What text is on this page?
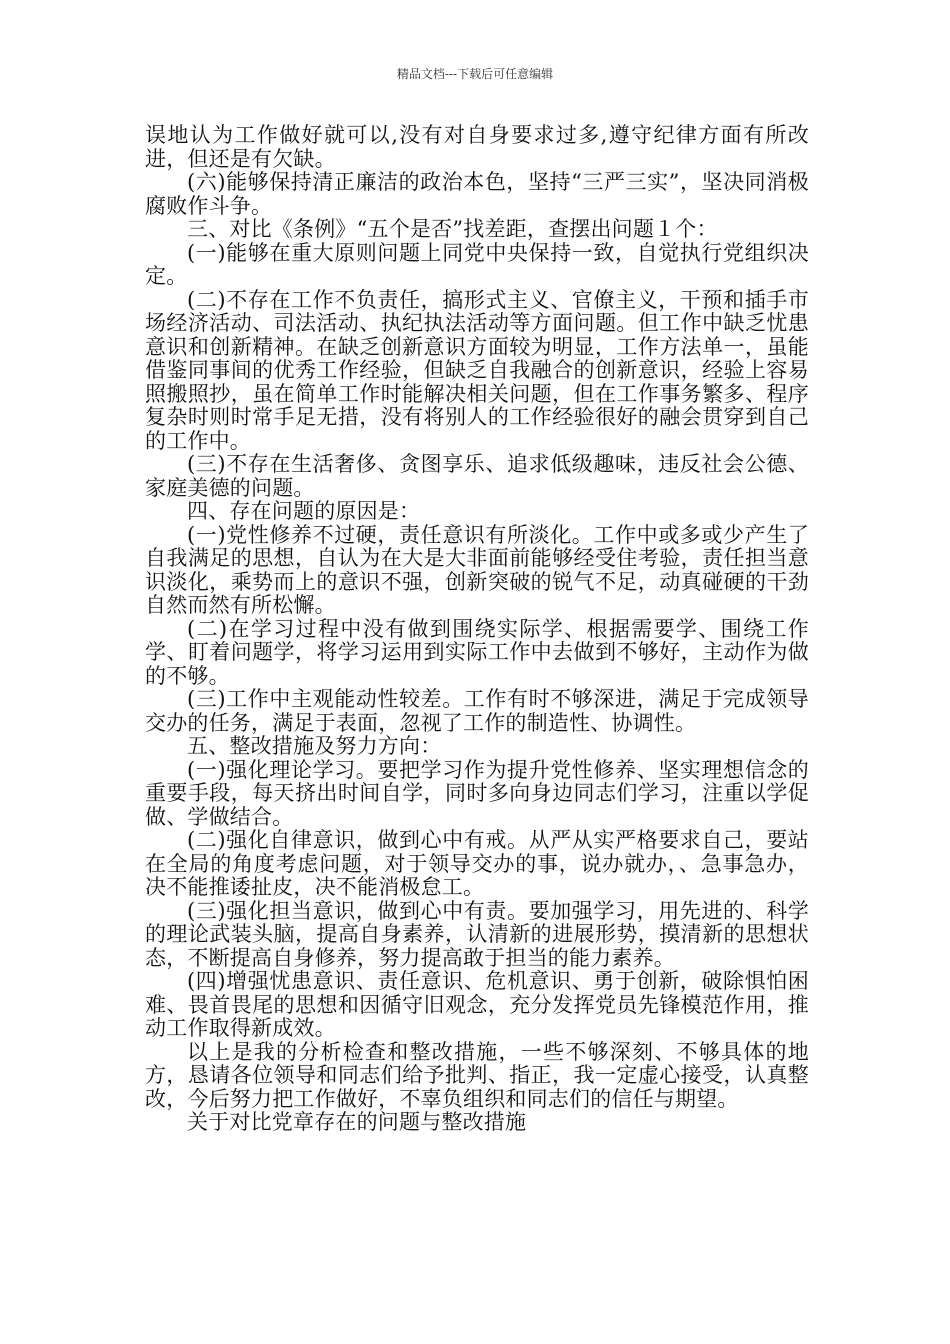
精品文档---下载后可任意编辑

误地认为工作做好就可以,没有对自身要求过多,遵守纪律方面有所改进，但还是有欠缺。

(六)能够保持清正廉洁的政治本色，坚持“三严三实”，坚决同消极腐败作斗争。

三、对比《条例》“五个是否”找差距，查摆出问题１个：

(一)能够在重大原则问题上同党中央保持一致，自觉执行党组织决定。

(二)不存在工作不负责任，搞形式主义、官僚主义，干预和插手市场经济活动、司法活动、执纪执法活动等方面问题。但工作中缺乏忧患意识和创新精神。在缺乏创新意识方面较为明显，工作方法单一，虽能借鉴同事间的优秀工作经验，但缺乏自我融合的创新意识，经验上容易照搬照抄，虽在简单工作时能解决相关问题，但在工作事务繁多、程序复杂时则时常手足无措，没有将别人的工作经验很好的融会贯穿到自己的工作中。

(三)不存在生活奢侈、贪图享乐、追求低级趣味，违反社会公德、家庭美德的问题。

四、存在问题的原因是：

(一)党性修养不过硬，责任意识有所淡化。工作中或多或少产生了自我满足的思想，自认为在大是大非面前能够经受住考验，责任担当意识淡化，乘势而上的意识不强，创新突破的锐气不足，动真碰硬的干劲自然而然有所松懈。

(二)在学习过程中没有做到围绕实际学、根据需要学、围绕工作学、盯着问题学，将学习运用到实际工作中去做到不够好，主动作为做的不够。

(三)工作中主观能动性较差。工作有时不够深进，满足于完成领导交办的任务，满足于表面，忽视了工作的制造性、协调性。

五、整改措施及努力方向：

(一)强化理论学习。要把学习作为提升党性修养、坚实理想信念的重要手段，每天挤出时间自学，同时多向身边同志们学习，注重以学促做、学做结合。

(二)强化自律意识，做到心中有戒。从严从实严格要求自己，要站在全局的角度考虑问题，对于领导交办的事，说办就办，、急事急办，决不能推诿扯皮，决不能消极怠工。

(三)强化担当意识，做到心中有责。要加强学习，用先进的、科学的理论武装头脑，提高自身素养，认清新的进展形势，摸清新的思想状态，不断提高自身修养，努力提高敢于担当的能力素养。

(四)增强忧患意识、责任意识、危机意识、勇于创新，破除惧怕困难、畏首畏尾的思想和因循守旧观念，充分发挥党员先锋模范作用，推动工作取得新成效。

以上是我的分析检查和整改措施，一些不够深刻、不够具体的地方，恳请各位领导和同志们给予批判、指正，我一定虚心接受，认真整改，今后努力把工作做好，不辜负组织和同志们的信任与期望。

关于对比党章存在的问题与整改措施
